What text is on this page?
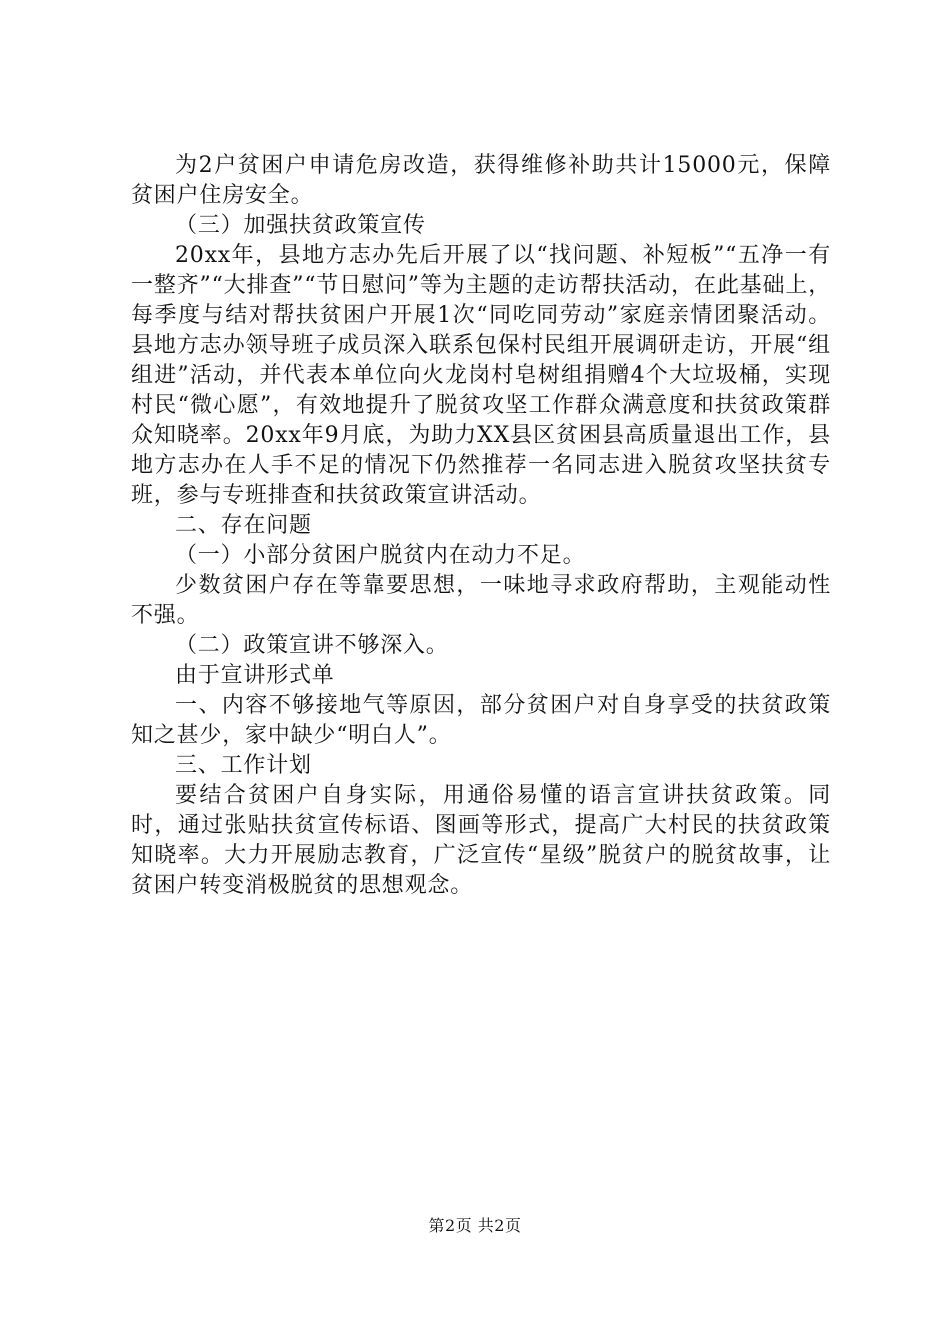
为2户贫困户申请危房改造，获得维修补助共计15000元，保障贫困户住房安全。

（三）加强扶贫政策宣传

20xx年，县地方志办先后开展了以“找问题、补短板”“五净一有一整齐”“大排查”“节日慰问”等为主题的走访帮扶活动，在此基础上，每季度与结对帮扶贫困户开展1次“同吃同劳动”家庭亲情团聚活动。县地方志办领导班子成员深入联系包保村民组开展调研走访，开展“组组进”活动，并代表本单位向火龙岗村皂树组捐赠4个大垃圾桶，实现村民“微心愿”，有效地提升了脱贫攻坚工作群众满意度和扶贫政策群众知晓率。20xx年9月底，为助力XX县区贫困县高质量退出工作，县地方志办在人手不足的情况下仍然推荐一名同志进入脱贫攻坚扶贫专班，参与专班排查和扶贫政策宣讲活动。

二、存在问题

（一）小部分贫困户脱贫内在动力不足。

少数贫困户存在等靠要思想，一味地寻求政府帮助，主观能动性不强。

（二）政策宣讲不够深入。

由于宣讲形式单

一、内容不够接地气等原因，部分贫困户对自身享受的扶贫政策知之甚少，家中缺少“明白人”。

三、工作计划

要结合贫困户自身实际，用通俗易懂的语言宣讲扶贫政策。同时，通过张贴扶贫宣传标语、图画等形式，提高广大村民的扶贫政策知晓率。大力开展励志教育，广泛宣传“星级”脱贫户的脱贫故事，让贫困户转变消极脱贫的思想观念。

第2页 共2页
